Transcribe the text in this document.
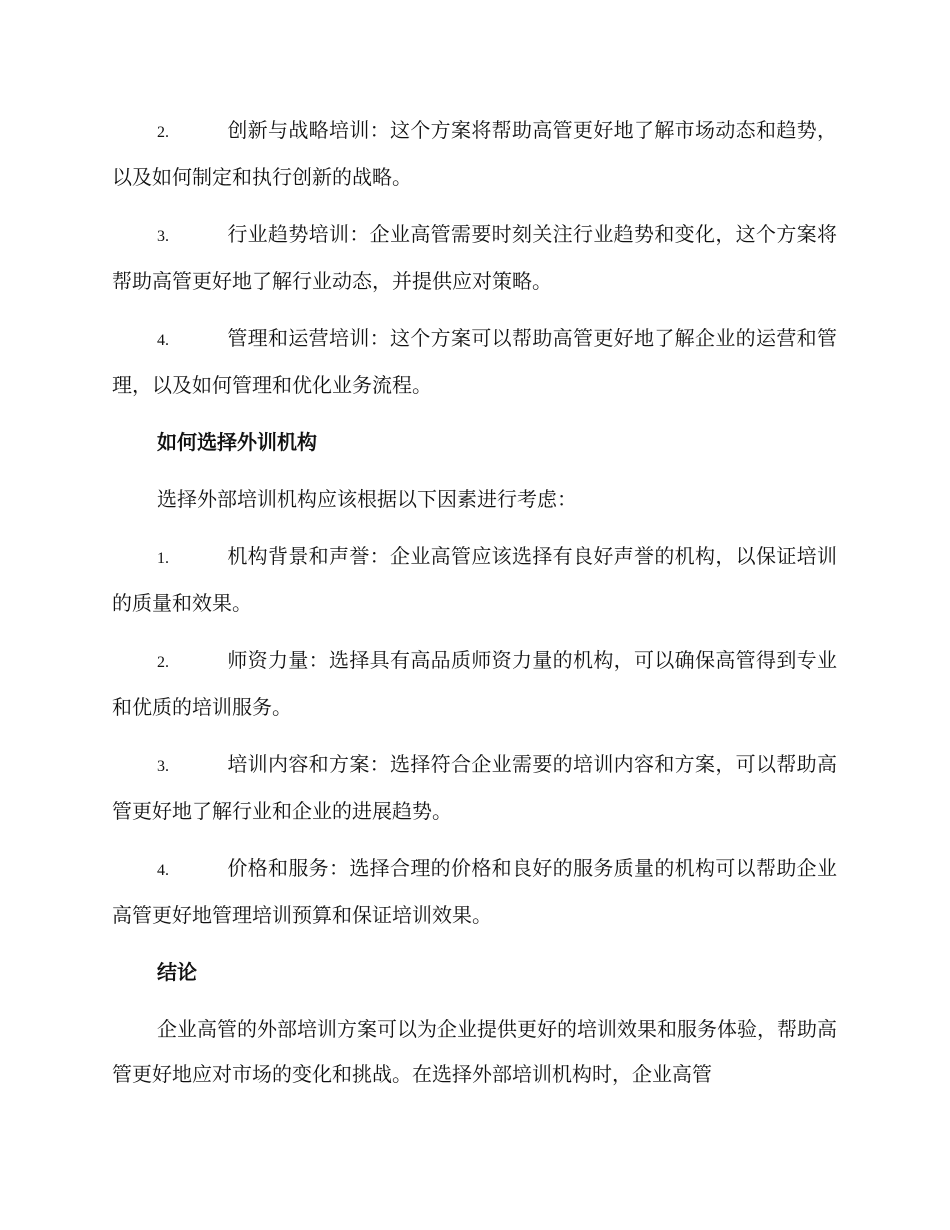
2.	创新与战略培训：这个方案将帮助高管更好地了解市场动态和趋势，以及如何制定和执行创新的战略。

3.	行业趋势培训：企业高管需要时刻关注行业趋势和变化，这个方案将帮助高管更好地了解行业动态，并提供应对策略。

4.	管理和运营培训：这个方案可以帮助高管更好地了解企业的运营和管理，以及如何管理和优化业务流程。

如何选择外训机构

选择外部培训机构应该根据以下因素进行考虑：

1.	机构背景和声誉：企业高管应该选择有良好声誉的机构，以保证培训的质量和效果。

2.	师资力量：选择具有高品质师资力量的机构，可以确保高管得到专业和优质的培训服务。

3.	培训内容和方案：选择符合企业需要的培训内容和方案，可以帮助高管更好地了解行业和企业的进展趋势。

4.	价格和服务：选择合理的价格和良好的服务质量的机构可以帮助企业高管更好地管理培训预算和保证培训效果。

结论

企业高管的外部培训方案可以为企业提供更好的培训效果和服务体验，帮助高管更好地应对市场的变化和挑战。在选择外部培训机构时，企业高管
